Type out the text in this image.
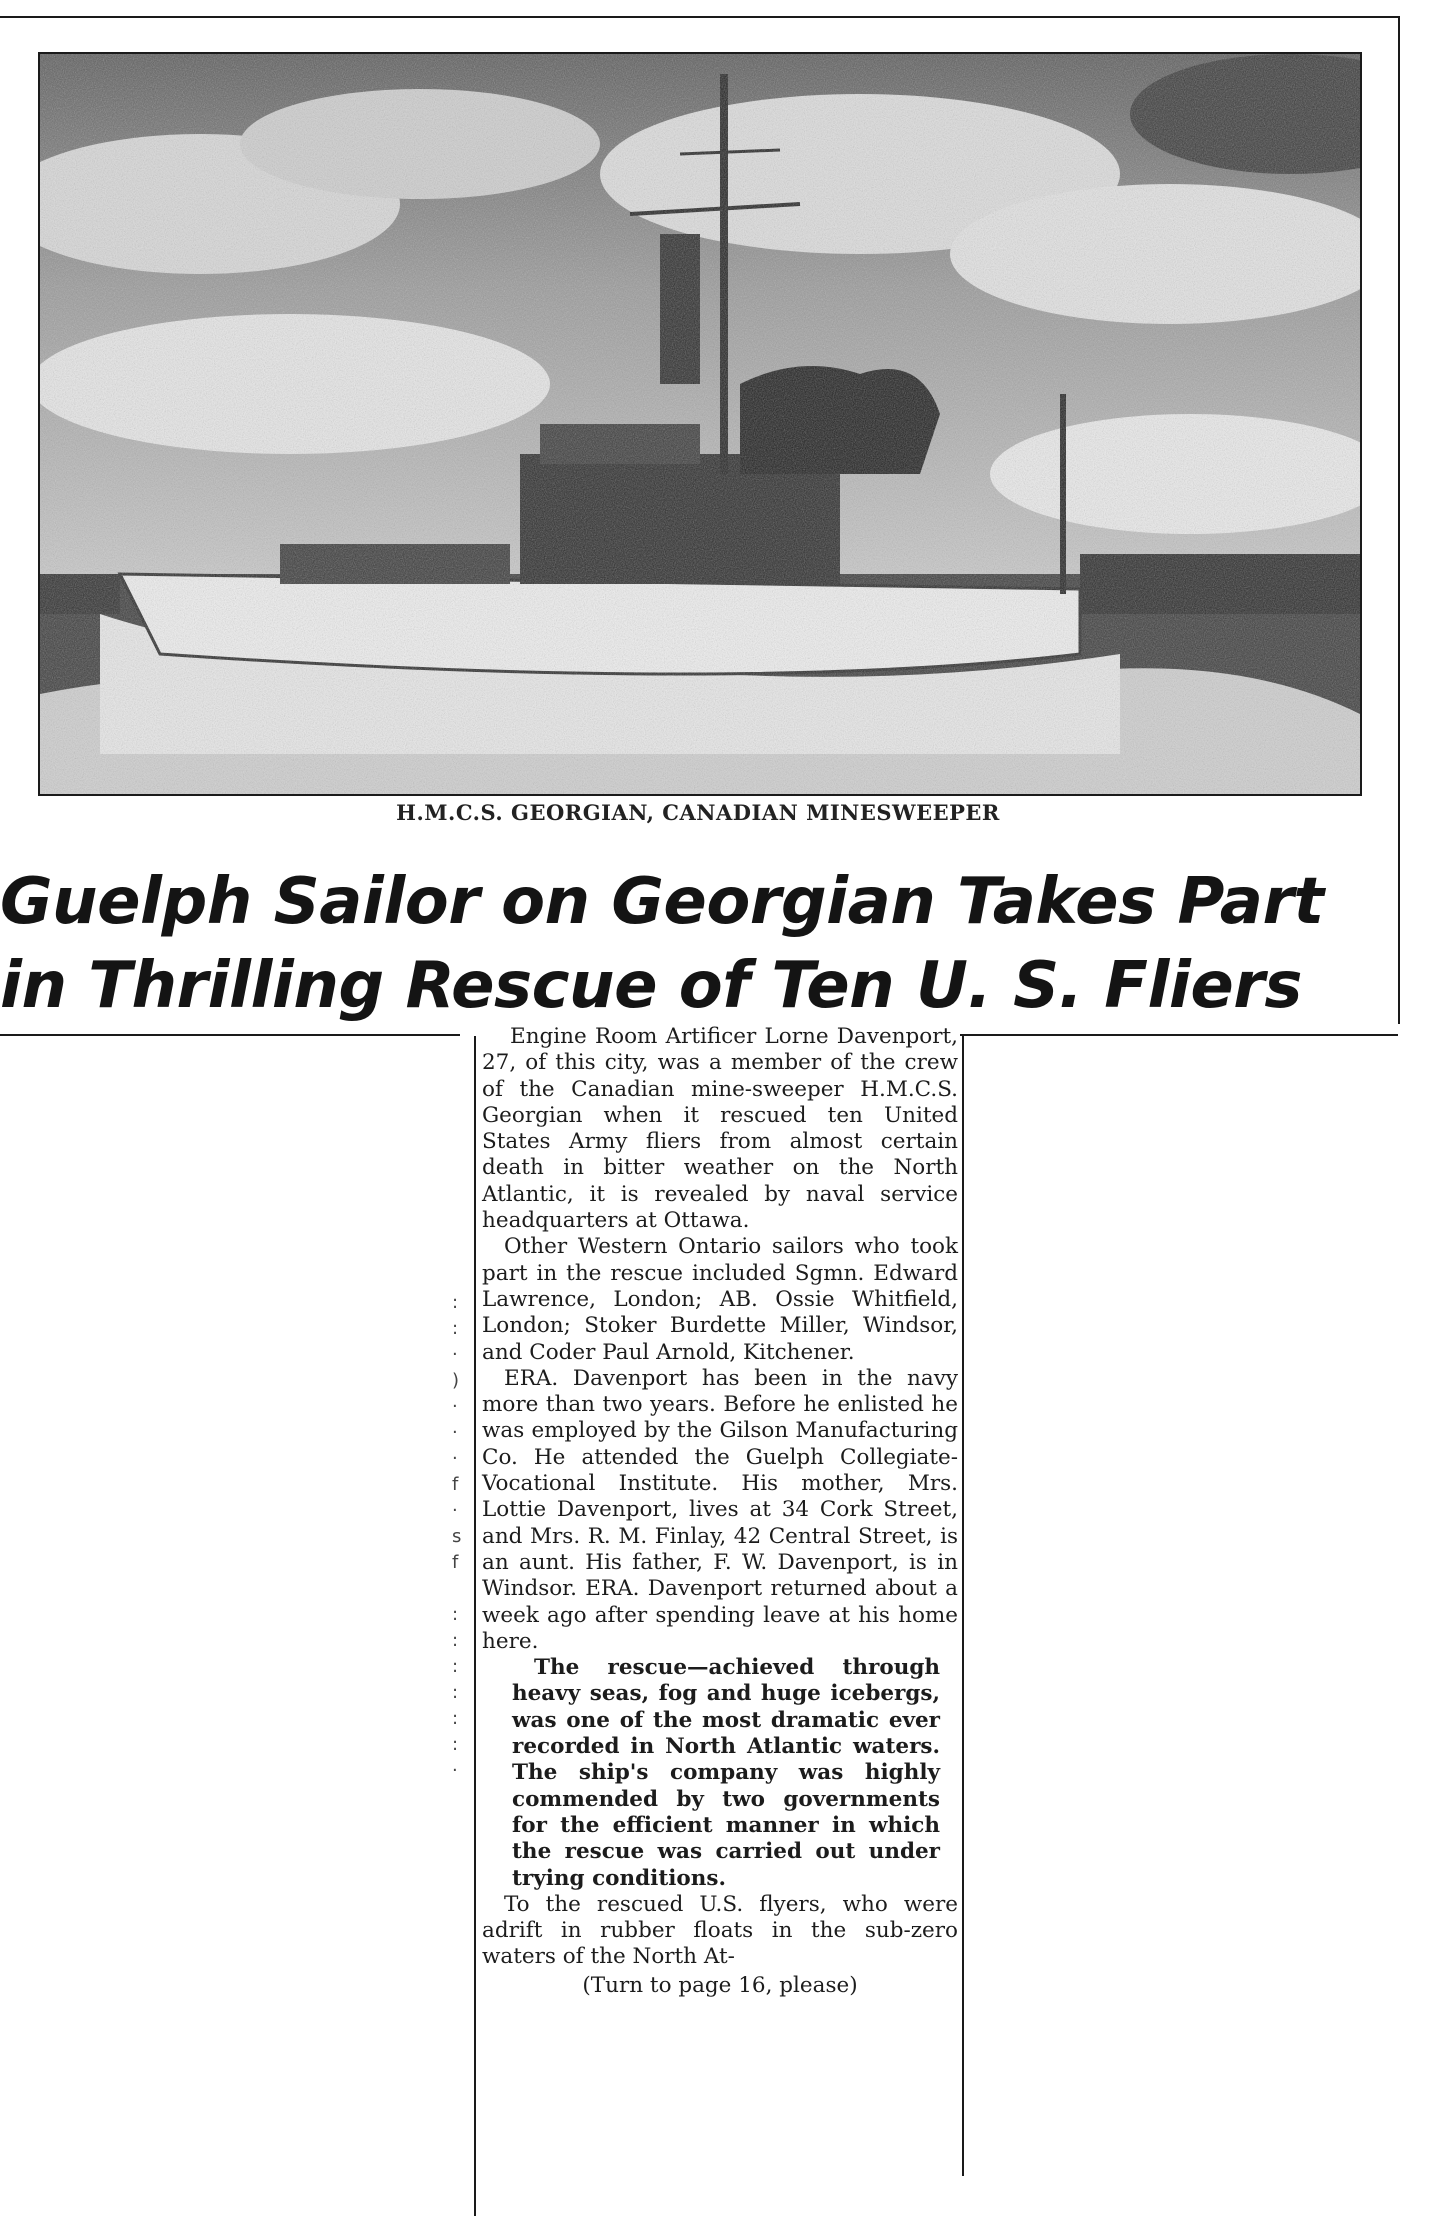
H.M.C.S. GEORGIAN, CANADIAN MINESWEEPER
Guelph Sailor on Georgian Takes Part
in Thrilling Rescue of Ten U. S. Fliers
:
:
·
)
·
·
·
f
·
s
f

:
:
:
:
:
:
·

Engine Room Artificer Lorne Davenport, 27, of this city, was a member of the crew of the Canadian mine-sweeper H.M.C.S. Georgian when it rescued ten United States Army fliers from almost certain death in bitter weather on the North Atlantic, it is revealed by naval service headquarters at Ottawa.

Other Western Ontario sailors who took part in the rescue included Sgmn. Edward Lawrence, London; AB. Ossie Whitfield, London; Stoker Burdette Miller, Windsor, and Coder Paul Arnold, Kitchener.

ERA. Davenport has been in the navy more than two years. Before he enlisted he was employed by the Gilson Manufacturing Co. He attended the Guelph Collegiate-Vocational Institute. His mother, Mrs. Lottie Davenport, lives at 34 Cork Street, and Mrs. R. M. Finlay, 42 Central Street, is an aunt. His father, F. W. Davenport, is in Windsor. ERA. Davenport returned about a week ago after spending leave at his home here.

The rescue—achieved through heavy seas, fog and huge icebergs, was one of the most dramatic ever recorded in North Atlantic waters. The ship's company was highly commended by two governments for the efficient manner in which the rescue was carried out under trying conditions.

To the rescued U.S. flyers, who were adrift in rubber floats in the sub-zero waters of the North At-

(Turn to page 16, please)
